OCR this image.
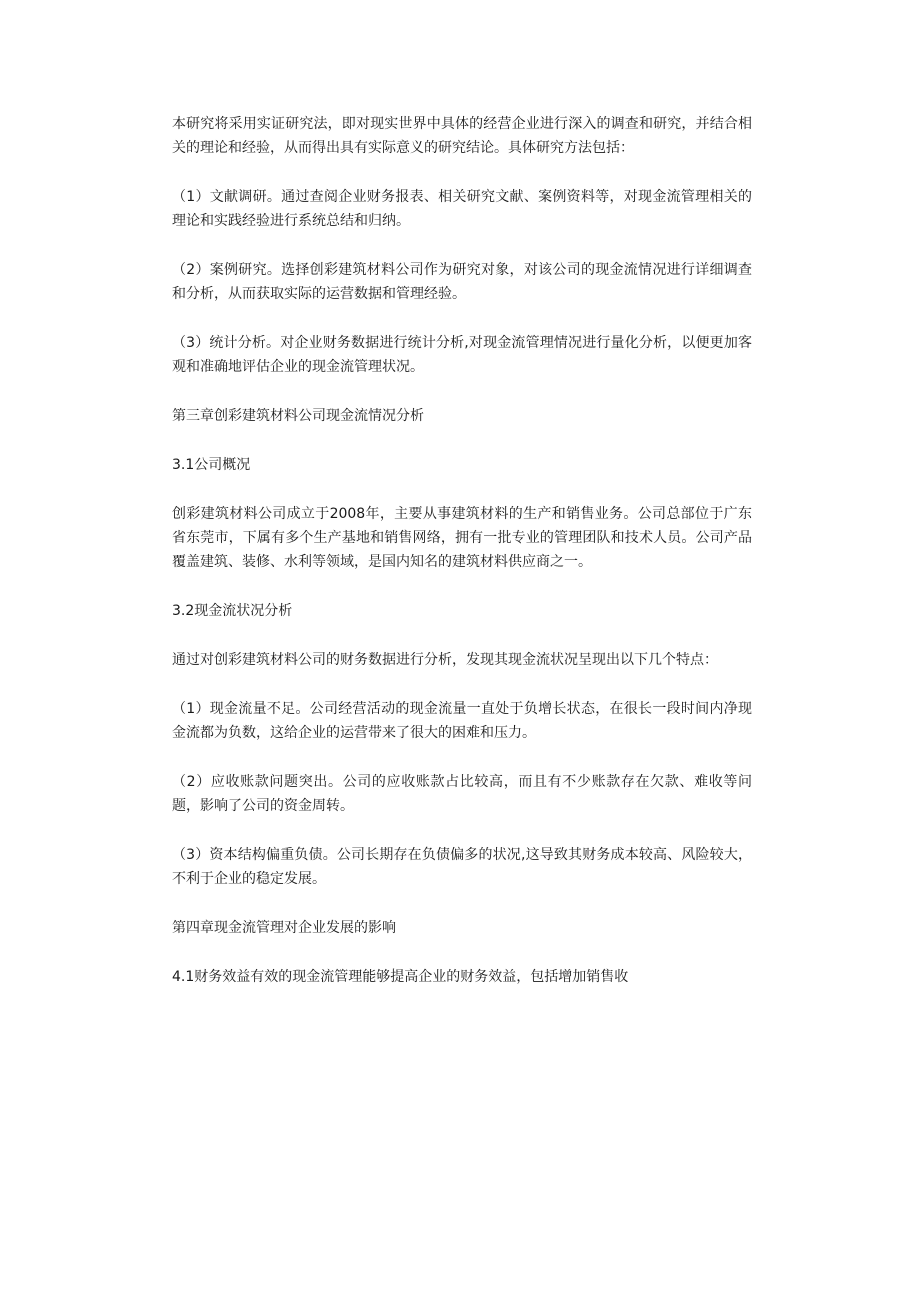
本研究将采用实证研究法，即对现实世界中具体的经营企业进行深入的调查和研究，并结合相关的理论和经验，从而得出具有实际意义的研究结论。具体研究方法包括：

（1）文献调研。通过查阅企业财务报表、相关研究文献、案例资料等，对现金流管理相关的理论和实践经验进行系统总结和归纳。

（2）案例研究。选择创彩建筑材料公司作为研究对象，对该公司的现金流情况进行详细调查和分析，从而获取实际的运营数据和管理经验。

（3）统计分析。对企业财务数据进行统计分析,对现金流管理情况进行量化分析，以便更加客观和准确地评估企业的现金流管理状况。

第三章创彩建筑材料公司现金流情况分析

3.1公司概况

创彩建筑材料公司成立于2008年，主要从事建筑材料的生产和销售业务。公司总部位于广东省东莞市，下属有多个生产基地和销售网络，拥有一批专业的管理团队和技术人员。公司产品覆盖建筑、装修、水利等领域，是国内知名的建筑材料供应商之一。

3.2现金流状况分析

通过对创彩建筑材料公司的财务数据进行分析，发现其现金流状况呈现出以下几个特点：

（1）现金流量不足。公司经营活动的现金流量一直处于负增长状态，在很长一段时间内净现金流都为负数，这给企业的运营带来了很大的困难和压力。

（2）应收账款问题突出。公司的应收账款占比较高，而且有不少账款存在欠款、难收等问题，影响了公司的资金周转。

（3）资本结构偏重负债。公司长期存在负债偏多的状况,这导致其财务成本较高、风险较大，不利于企业的稳定发展。

第四章现金流管理对企业发展的影响

4.1财务效益有效的现金流管理能够提高企业的财务效益，包括增加销售收
